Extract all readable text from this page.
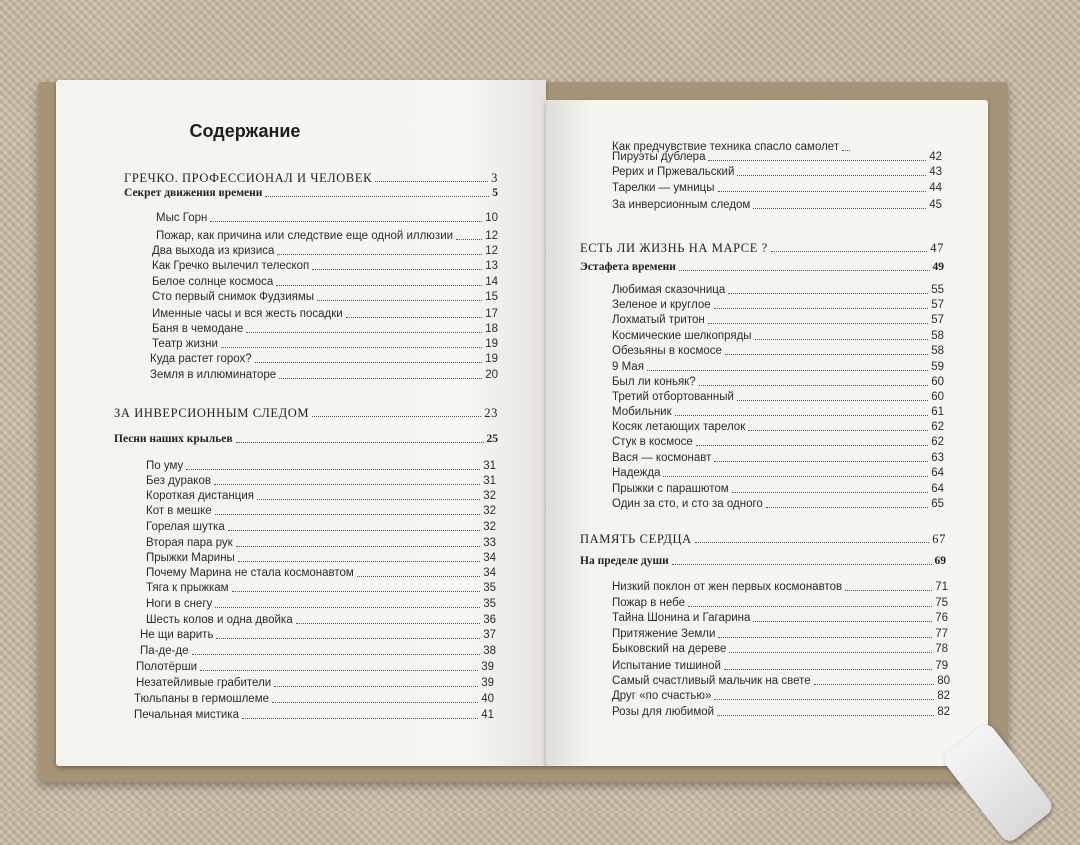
Содержание
ГРЕЧКО. ПРОФЕССИОНАЛ И ЧЕЛОВЕК	3
Секрет движения времени	5
Мыс Горн	10
Пожар, как причина или следствие еще одной иллюзии	12
Два выхода из кризиса	12
Как Гречко вылечил телескоп	13
Белое солнце космоса	14
Сто первый снимок Фудзиямы	15
Именные часы и вся жесть посадки	17
Баня в чемодане	18
Театр жизни	19
Куда растет горох?	19
Земля в иллюминаторе	20
ЗА ИНВЕРСИОННЫМ СЛЕДОМ	23
Песни наших крыльев	25
По уму	31
Без дураков	31
Короткая дистанция	32
Кот в мешке	32
Горелая шутка	32
Вторая пара рук	33
Прыжки Марины	34
Почему Марина не стала космонавтом	34
Тяга к прыжкам	35
Ноги в снегу	35
Шесть колов и одна двойка	36
Не щи варить	37
Па-де-де	38
Полотёрши	39
Незатейливые грабители	39
Тюльпаны в гермошлеме	40
Печальная мистика	41
Как предчувствие техника спасло самолет
Пируэты дублера	42
Рерих и Пржевальский	43
Тарелки — умницы	44
За инверсионным следом	45
ЕСТЬ ЛИ ЖИЗНЬ НА МАРСЕ ?	47
Эстафета времени	49
Любимая сказочница	55
Зеленое и круглое	57
Лохматый тритон	57
Космические шелкопряды	58
Обезьяны в космосе	58
9 Мая	59
Был ли коньяк?	60
Третий отбортованный	60
Мобильник	61
Косяк летающих тарелок	62
Стук в космосе	62
Вася — космонавт	63
Надежда	64
Прыжки с парашютом	64
Один за сто, и сто за одного	65
ПАМЯТЬ СЕРДЦА	67
На пределе души	69
Низкий поклон от жен первых космонавтов	71
Пожар в небе	75
Тайна Шонина и Гагарина	76
Притяжение Земли	77
Быковский на дереве	78
Испытание тишиной	79
Самый счастливый мальчик на свете	80
Друг «по счастью»	82
Розы для любимой	82
